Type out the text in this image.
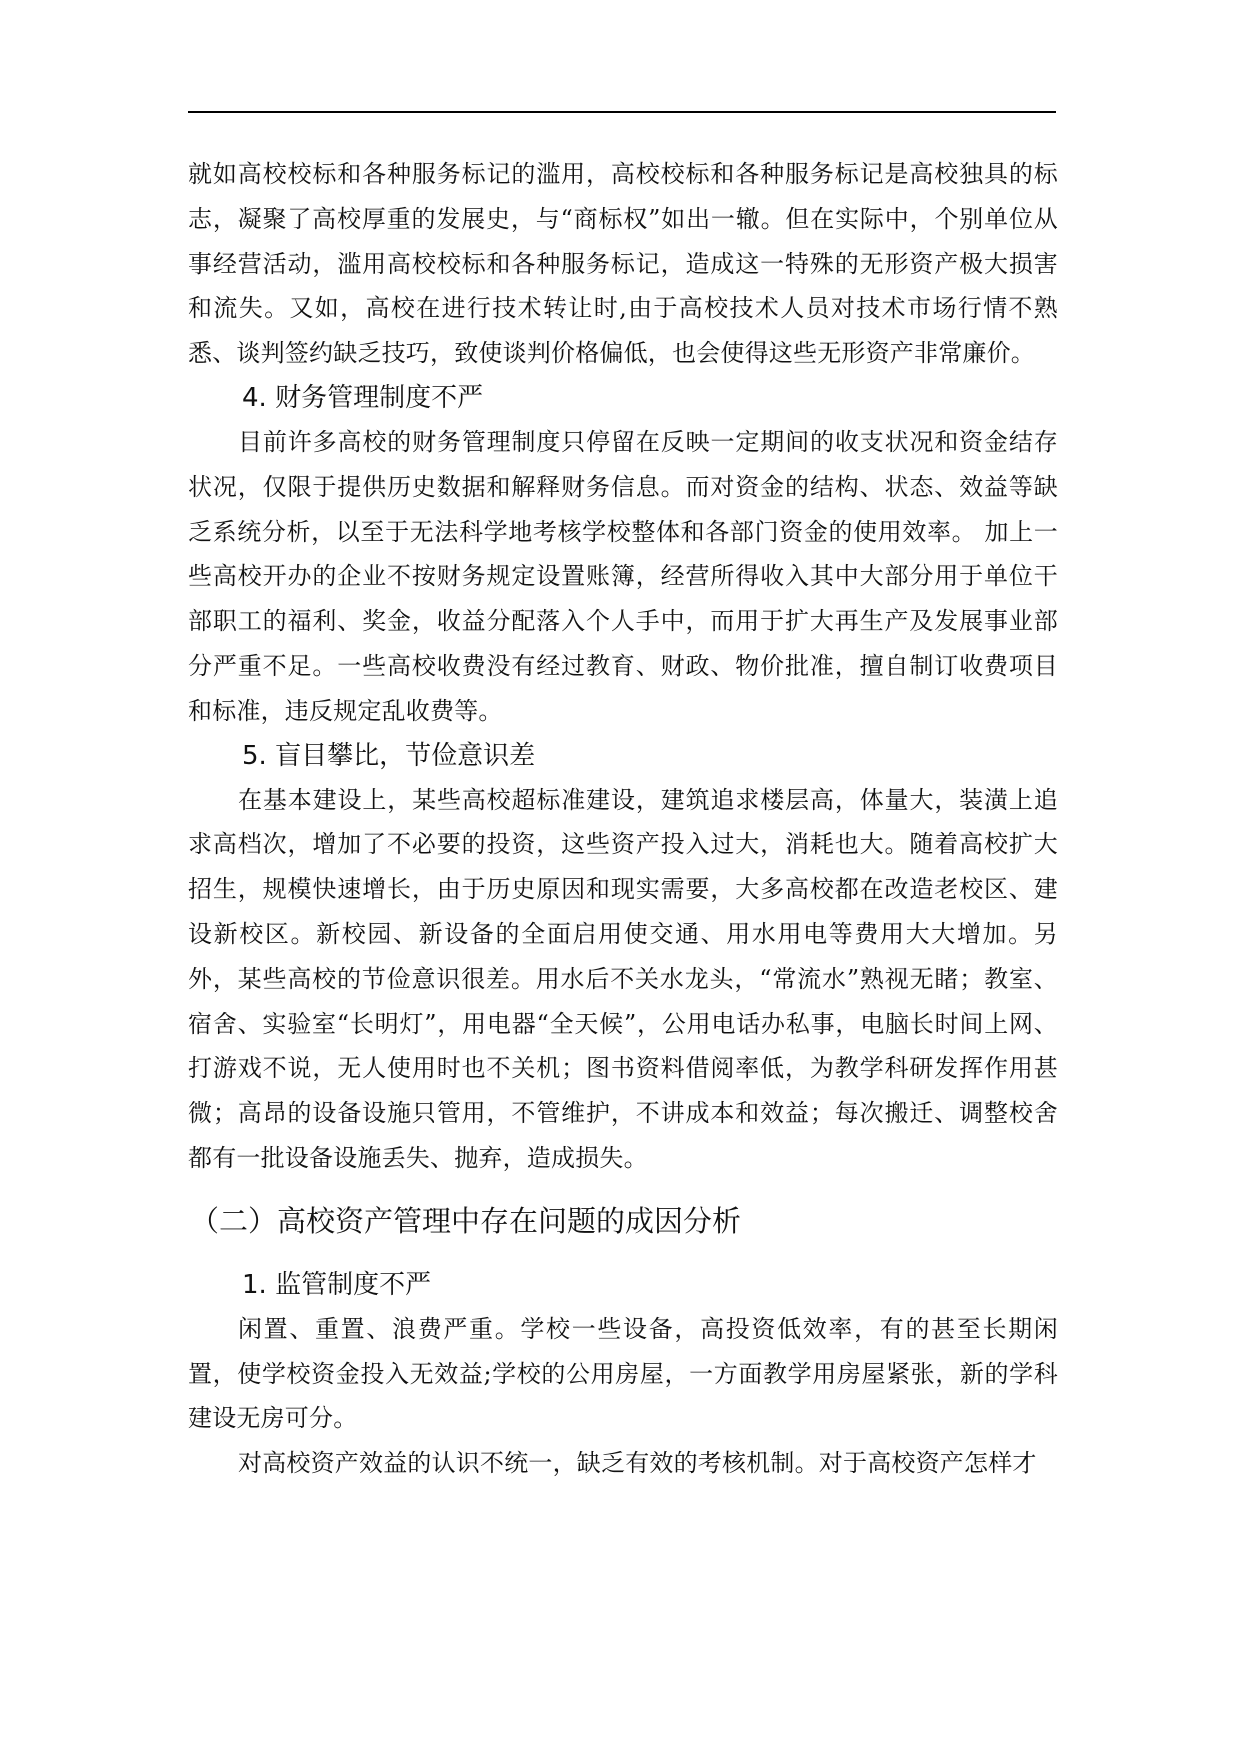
就如高校校标和各种服务标记的滥用，高校校标和各种服务标记是高校独具的标志，凝聚了高校厚重的发展史，与“商标权”如出一辙。但在实际中，个别单位从事经营活动，滥用高校校标和各种服务标记，造成这一特殊的无形资产极大损害和流失。又如，高校在进行技术转让时,由于高校技术人员对技术市场行情不熟悉、谈判签约缺乏技巧，致使谈判价格偏低，也会使得这些无形资产非常廉价。

4. 财务管理制度不严

目前许多高校的财务管理制度只停留在反映一定期间的收支状况和资金结存状况，仅限于提供历史数据和解释财务信息。而对资金的结构、状态、效益等缺乏系统分析，以至于无法科学地考核学校整体和各部门资金的使用效率。 加上一些高校开办的企业不按财务规定设置账簿，经营所得收入其中大部分用于单位干部职工的福利、奖金，收益分配落入个人手中，而用于扩大再生产及发展事业部分严重不足。一些高校收费没有经过教育、财政、物价批准，擅自制订收费项目和标准，违反规定乱收费等。

5. 盲目攀比，节俭意识差

在基本建设上，某些高校超标准建设，建筑追求楼层高，体量大，装潢上追求高档次，增加了不必要的投资，这些资产投入过大，消耗也大。随着高校扩大招生，规模快速增长，由于历史原因和现实需要，大多高校都在改造老校区、建设新校区。新校园、新设备的全面启用使交通、用水用电等费用大大增加。另外，某些高校的节俭意识很差。用水后不关水龙头，“常流水”熟视无睹；教室、宿舍、实验室“长明灯”，用电器“全天候”，公用电话办私事，电脑长时间上网、打游戏不说，无人使用时也不关机；图书资料借阅率低，为教学科研发挥作用甚微；高昂的设备设施只管用，不管维护，不讲成本和效益；每次搬迁、调整校舍都有一批设备设施丢失、抛弃，造成损失。

（二）高校资产管理中存在问题的成因分析

1. 监管制度不严

闲置、重置、浪费严重。学校一些设备，高投资低效率，有的甚至长期闲置，使学校资金投入无效益;学校的公用房屋，一方面教学用房屋紧张，新的学科建设无房可分。

对高校资产效益的认识不统一，缺乏有效的考核机制。对于高校资产怎样才
